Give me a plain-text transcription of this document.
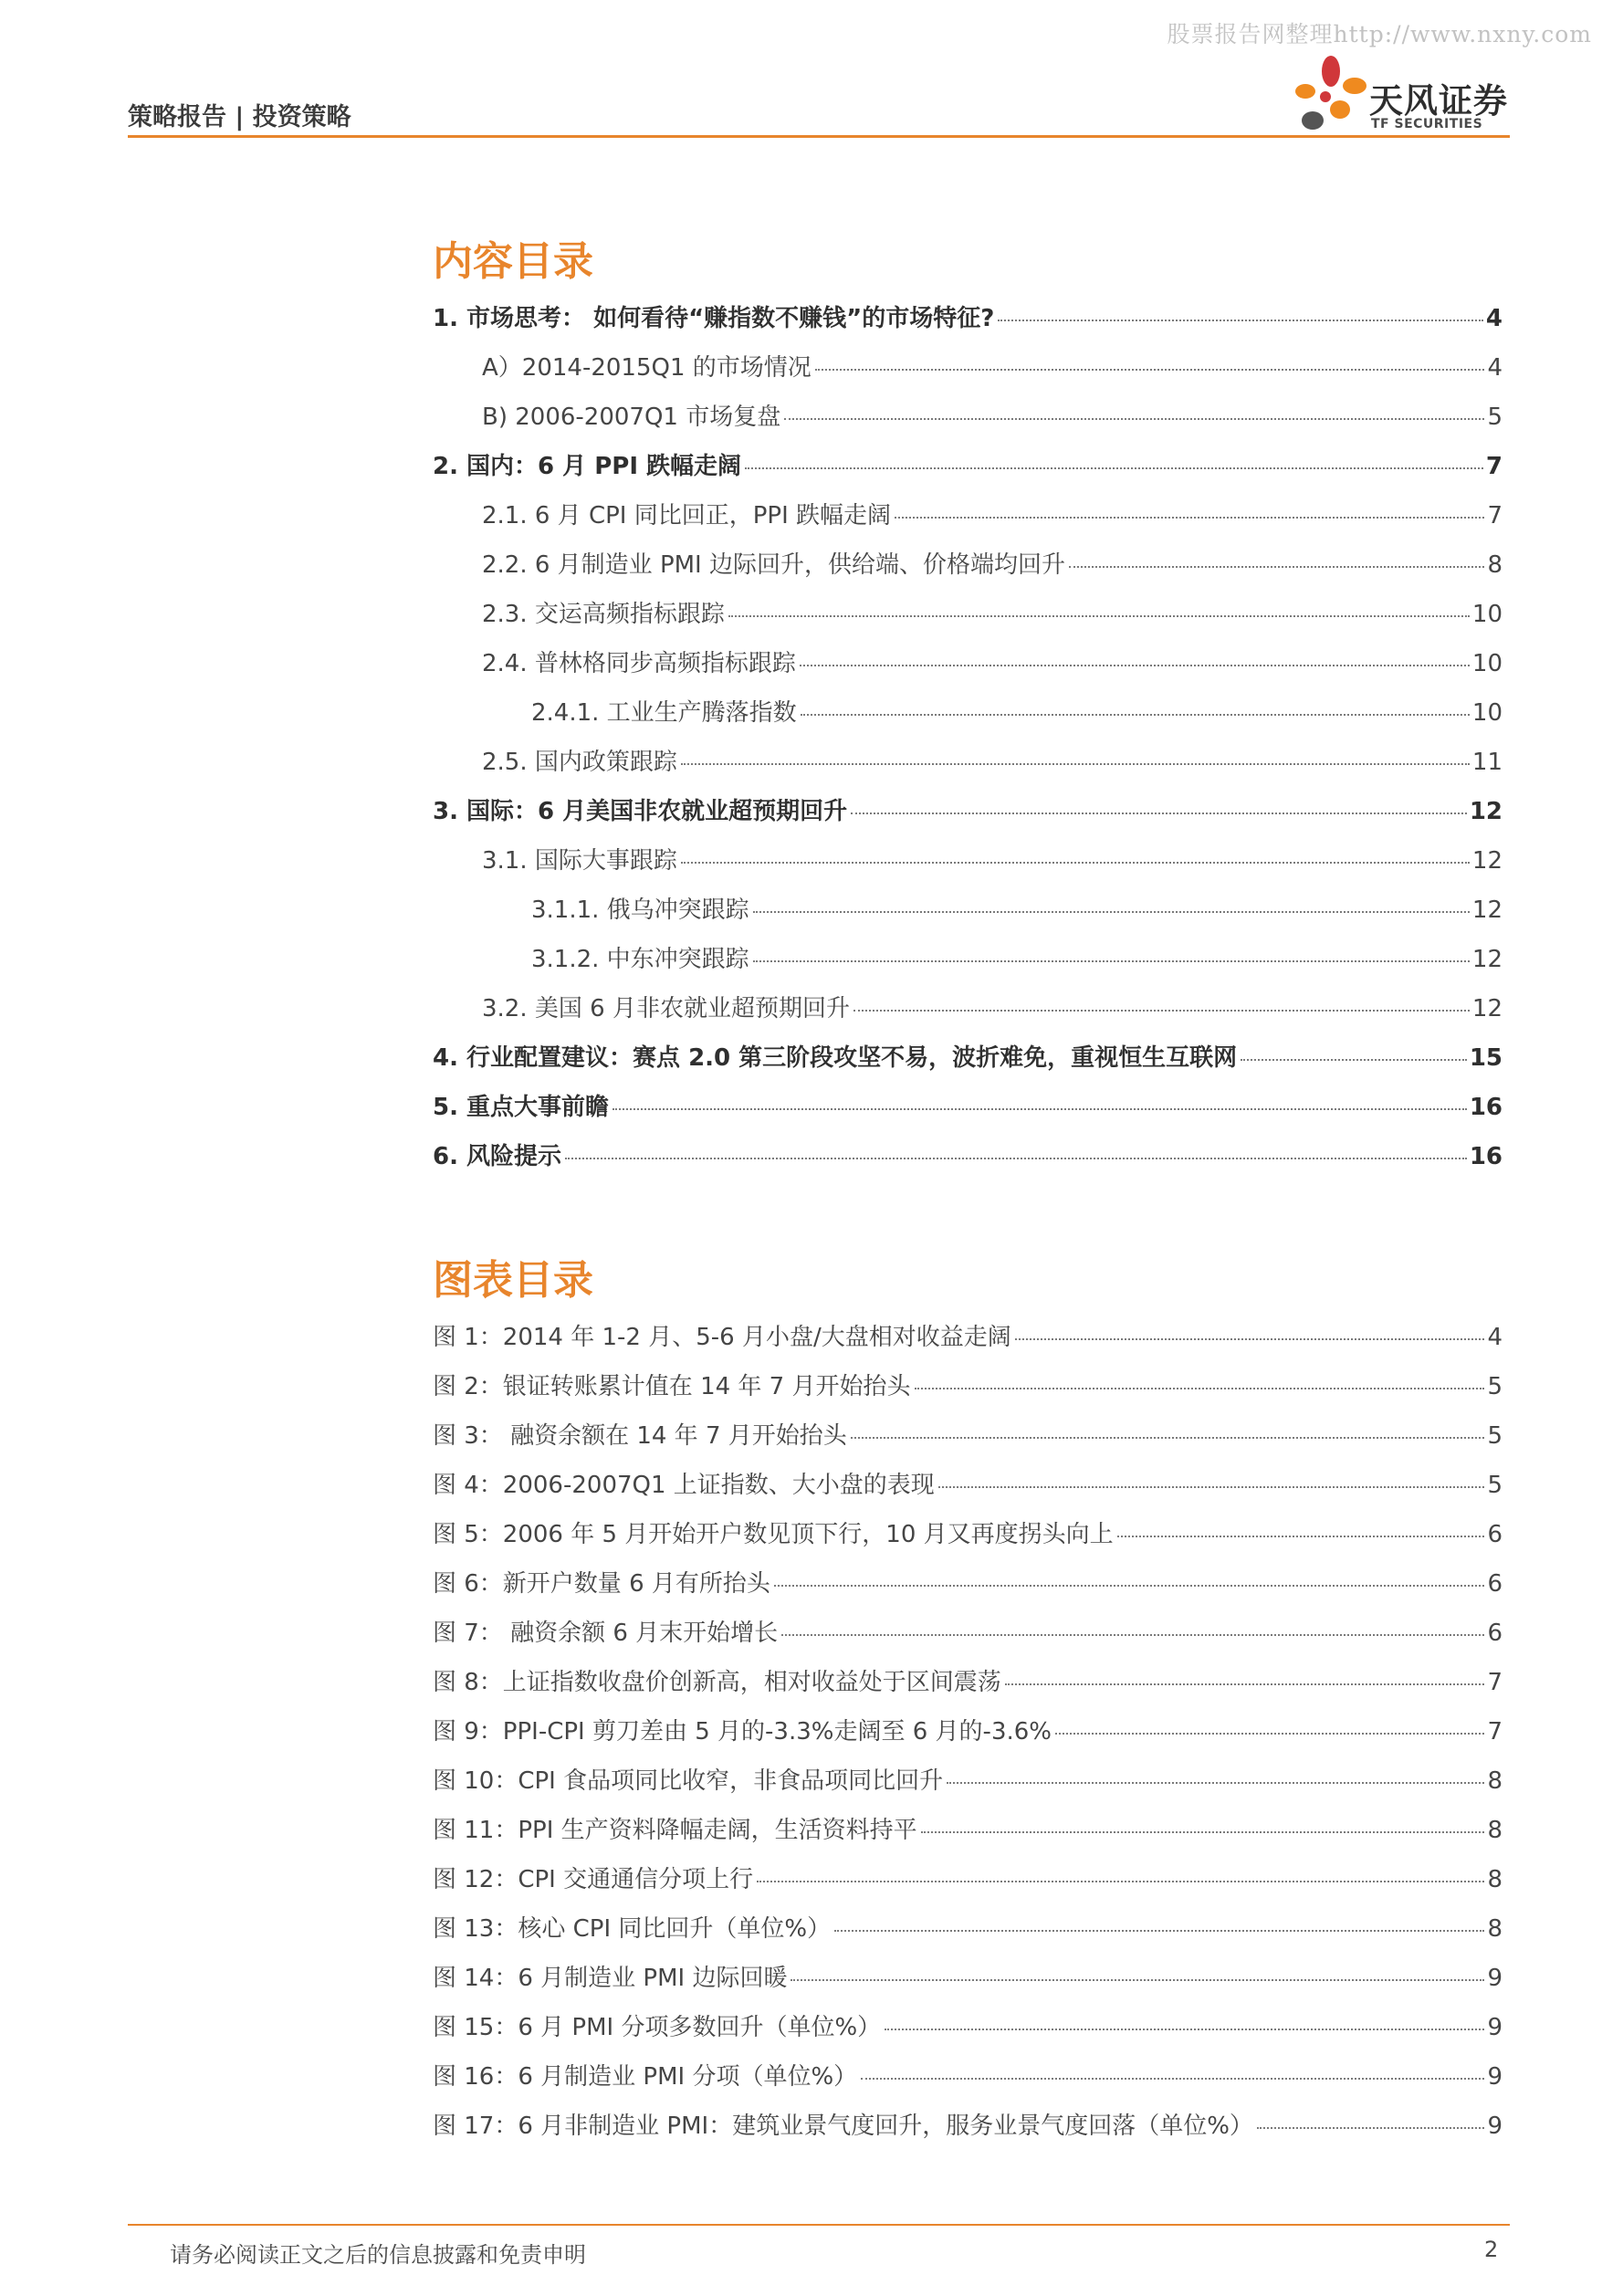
股票报告网整理http://www.nxny.com
策略报告 | 投资策略	天风证券
TF SECURITIES
内容目录
1. 市场思考： 如何看待“赚指数不赚钱”的市场特征?	4
A）2014-2015Q1 的市场情况	4
B) 2006-2007Q1 市场复盘	5
2. 国内：6 月 PPI 跌幅走阔	7
2.1. 6 月 CPI 同比回正，PPI 跌幅走阔	7
2.2. 6 月制造业 PMI 边际回升，供给端、价格端均回升	8
2.3. 交运高频指标跟踪	10
2.4. 普林格同步高频指标跟踪	10
2.4.1. 工业生产腾落指数	10
2.5. 国内政策跟踪	11
3. 国际：6 月美国非农就业超预期回升	12
3.1. 国际大事跟踪	12
3.1.1. 俄乌冲突跟踪	12
3.1.2. 中东冲突跟踪	12
3.2. 美国 6 月非农就业超预期回升	12
4. 行业配置建议：赛点 2.0 第三阶段攻坚不易，波折难免，重视恒生互联网	15
5. 重点大事前瞻	16
6. 风险提示	16
图表目录
图 1：2014 年 1-2 月、5-6 月小盘/大盘相对收益走阔	4
图 2：银证转账累计值在 14 年 7 月开始抬头	5
图 3： 融资余额在 14 年 7 月开始抬头	5
图 4：2006-2007Q1 上证指数、大小盘的表现	5
图 5：2006 年 5 月开始开户数见顶下行，10 月又再度拐头向上	6
图 6：新开户数量 6 月有所抬头	6
图 7： 融资余额 6 月末开始增长	6
图 8：上证指数收盘价创新高，相对收益处于区间震荡	7
图 9：PPI-CPI 剪刀差由 5 月的-3.3%走阔至 6 月的-3.6%	7
图 10：CPI 食品项同比收窄，非食品项同比回升	8
图 11：PPI 生产资料降幅走阔，生活资料持平	8
图 12：CPI 交通通信分项上行	8
图 13：核心 CPI 同比回升（单位%）	8
图 14：6 月制造业 PMI 边际回暖	9
图 15：6 月 PMI 分项多数回升（单位%）	9
图 16：6 月制造业 PMI 分项（单位%）	9
图 17：6 月非制造业 PMI：建筑业景气度回升，服务业景气度回落（单位%）	9
请务必阅读正文之后的信息披露和免责申明	2
